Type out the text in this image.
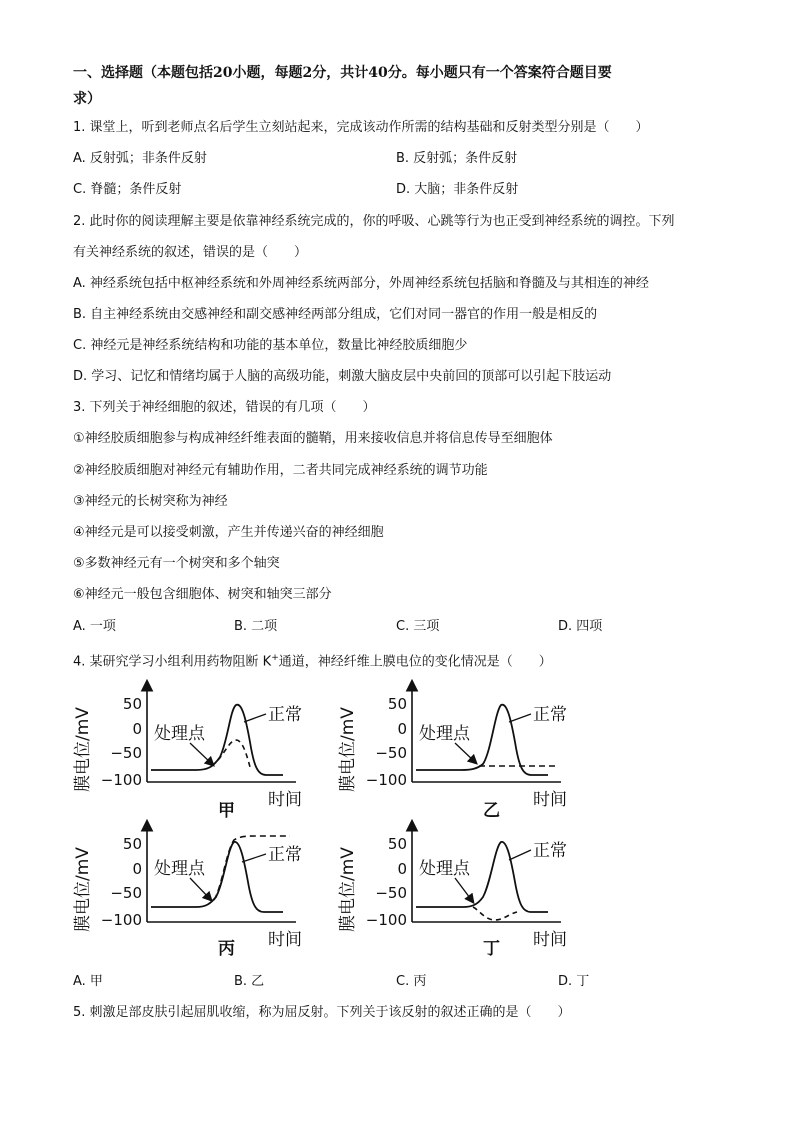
一、选择题（本题包括20小题，每题2分，共计40分。每小题只有一个答案符合题目要
求）
1. 课堂上，听到老师点名后学生立刻站起来，完成该动作所需的结构基础和反射类型分别是（　　）
A. 反射弧；非条件反射	B. 反射弧；条件反射
C. 脊髓；条件反射	D. 大脑；非条件反射
2. 此时你的阅读理解主要是依靠神经系统完成的，你的呼吸、心跳等行为也正受到神经系统的调控。下列
有关神经系统的叙述，错误的是（　　）
A. 神经系统包括中枢神经系统和外周神经系统两部分，外周神经系统包括脑和脊髓及与其相连的神经
B. 自主神经系统由交感神经和副交感神经两部分组成，它们对同一器官的作用一般是相反的
C. 神经元是神经系统结构和功能的基本单位，数量比神经胶质细胞少
D. 学习、记忆和情绪均属于人脑的高级功能，刺激大脑皮层中央前回的顶部可以引起下肢运动
3. 下列关于神经细胞的叙述，错误的有几项（　　）
①神经胶质细胞参与构成神经纤维表面的髓鞘，用来接收信息并将信息传导至细胞体
②神经胶质细胞对神经元有辅助作用，二者共同完成神经系统的调节功能
③神经元的长树突称为神经
④神经元是可以接受刺激，产生并传递兴奋的神经细胞
⑤多数神经元有一个树突和多个轴突
⑥神经元一般包含细胞体、树突和轴突三部分
A. 一项	B. 二项	C. 三项	D. 四项
4. 某研究学习小组利用药物阻断 K+通道，神经纤维上膜电位的变化情况是（　　）
膜电位/mV
50
0
−50
−100
处理点
正常
时间
甲
膜电位/mV
50
0
−50
−100
处理点
正常
时间
乙
膜电位/mV
50
0
−50
−100
处理点
正常
时间
丙
膜电位/mV
50
0
−50
−100
处理点
正常
时间
丁
A. 甲	B. 乙	C. 丙	D. 丁
5. 刺激足部皮肤引起屈肌收缩，称为屈反射。下列关于该反射的叙述正确的是（　　）
